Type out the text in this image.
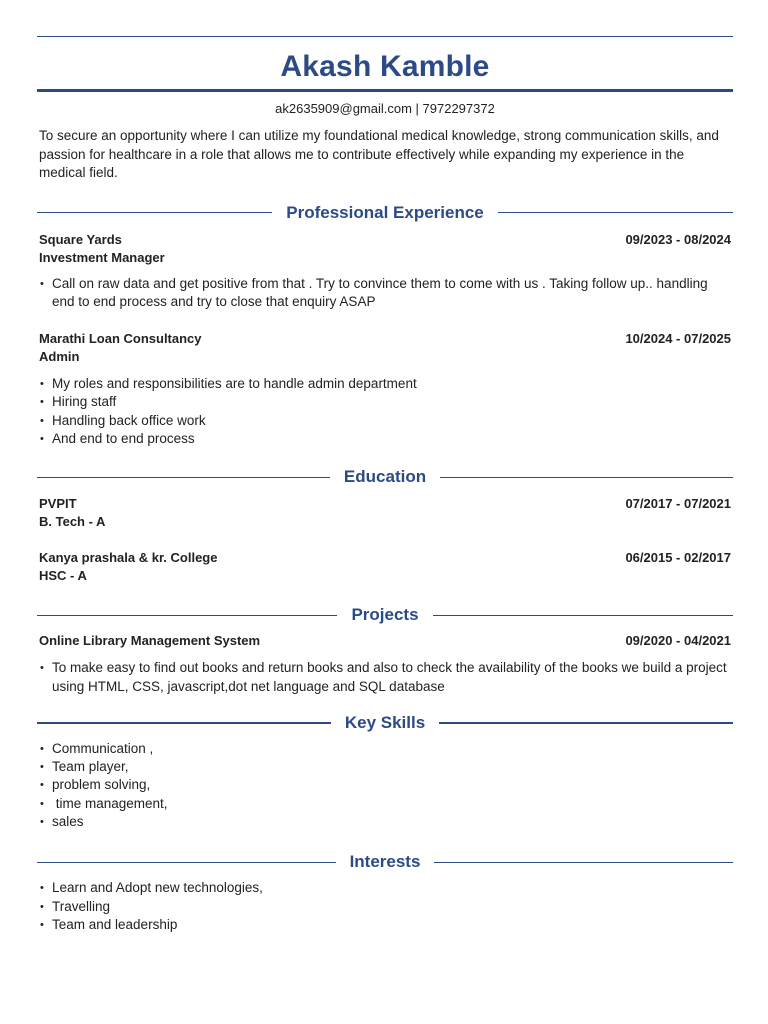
Akash Kamble
ak2635909@gmail.com | 7972297372

To secure an opportunity where I can utilize my foundational medical knowledge, strong communication skills, and passion for healthcare in a role that allows me to contribute effectively while expanding my experience in the medical field.

Professional Experience
Square Yards	09/2023 - 08/2024
Investment Manager
• Call on raw data and get positive from that . Try to convince them to come with us . Taking follow up.. handling end to end process and try to close that enquiry ASAP
Marathi Loan Consultancy	10/2024 - 07/2025
Admin
• My roles and responsibilities are to handle admin department
• Hiring staff
• Handling back office work
• And end to end process
Education
PVPIT	07/2017 - 07/2021
B. Tech - A
Kanya prashala & kr. College	06/2015 - 02/2017
HSC - A
Projects
Online Library Management System	09/2020 - 04/2021
• To make easy to find out books and return books and also to check the availability of the books we build a project using HTML, CSS, javascript,dot net language and SQL database
Key Skills
• Communication ,
• Team player,
• problem solving,
•  time management,
• sales
Interests
• Learn and Adopt new technologies,
• Travelling
• Team and leadership
